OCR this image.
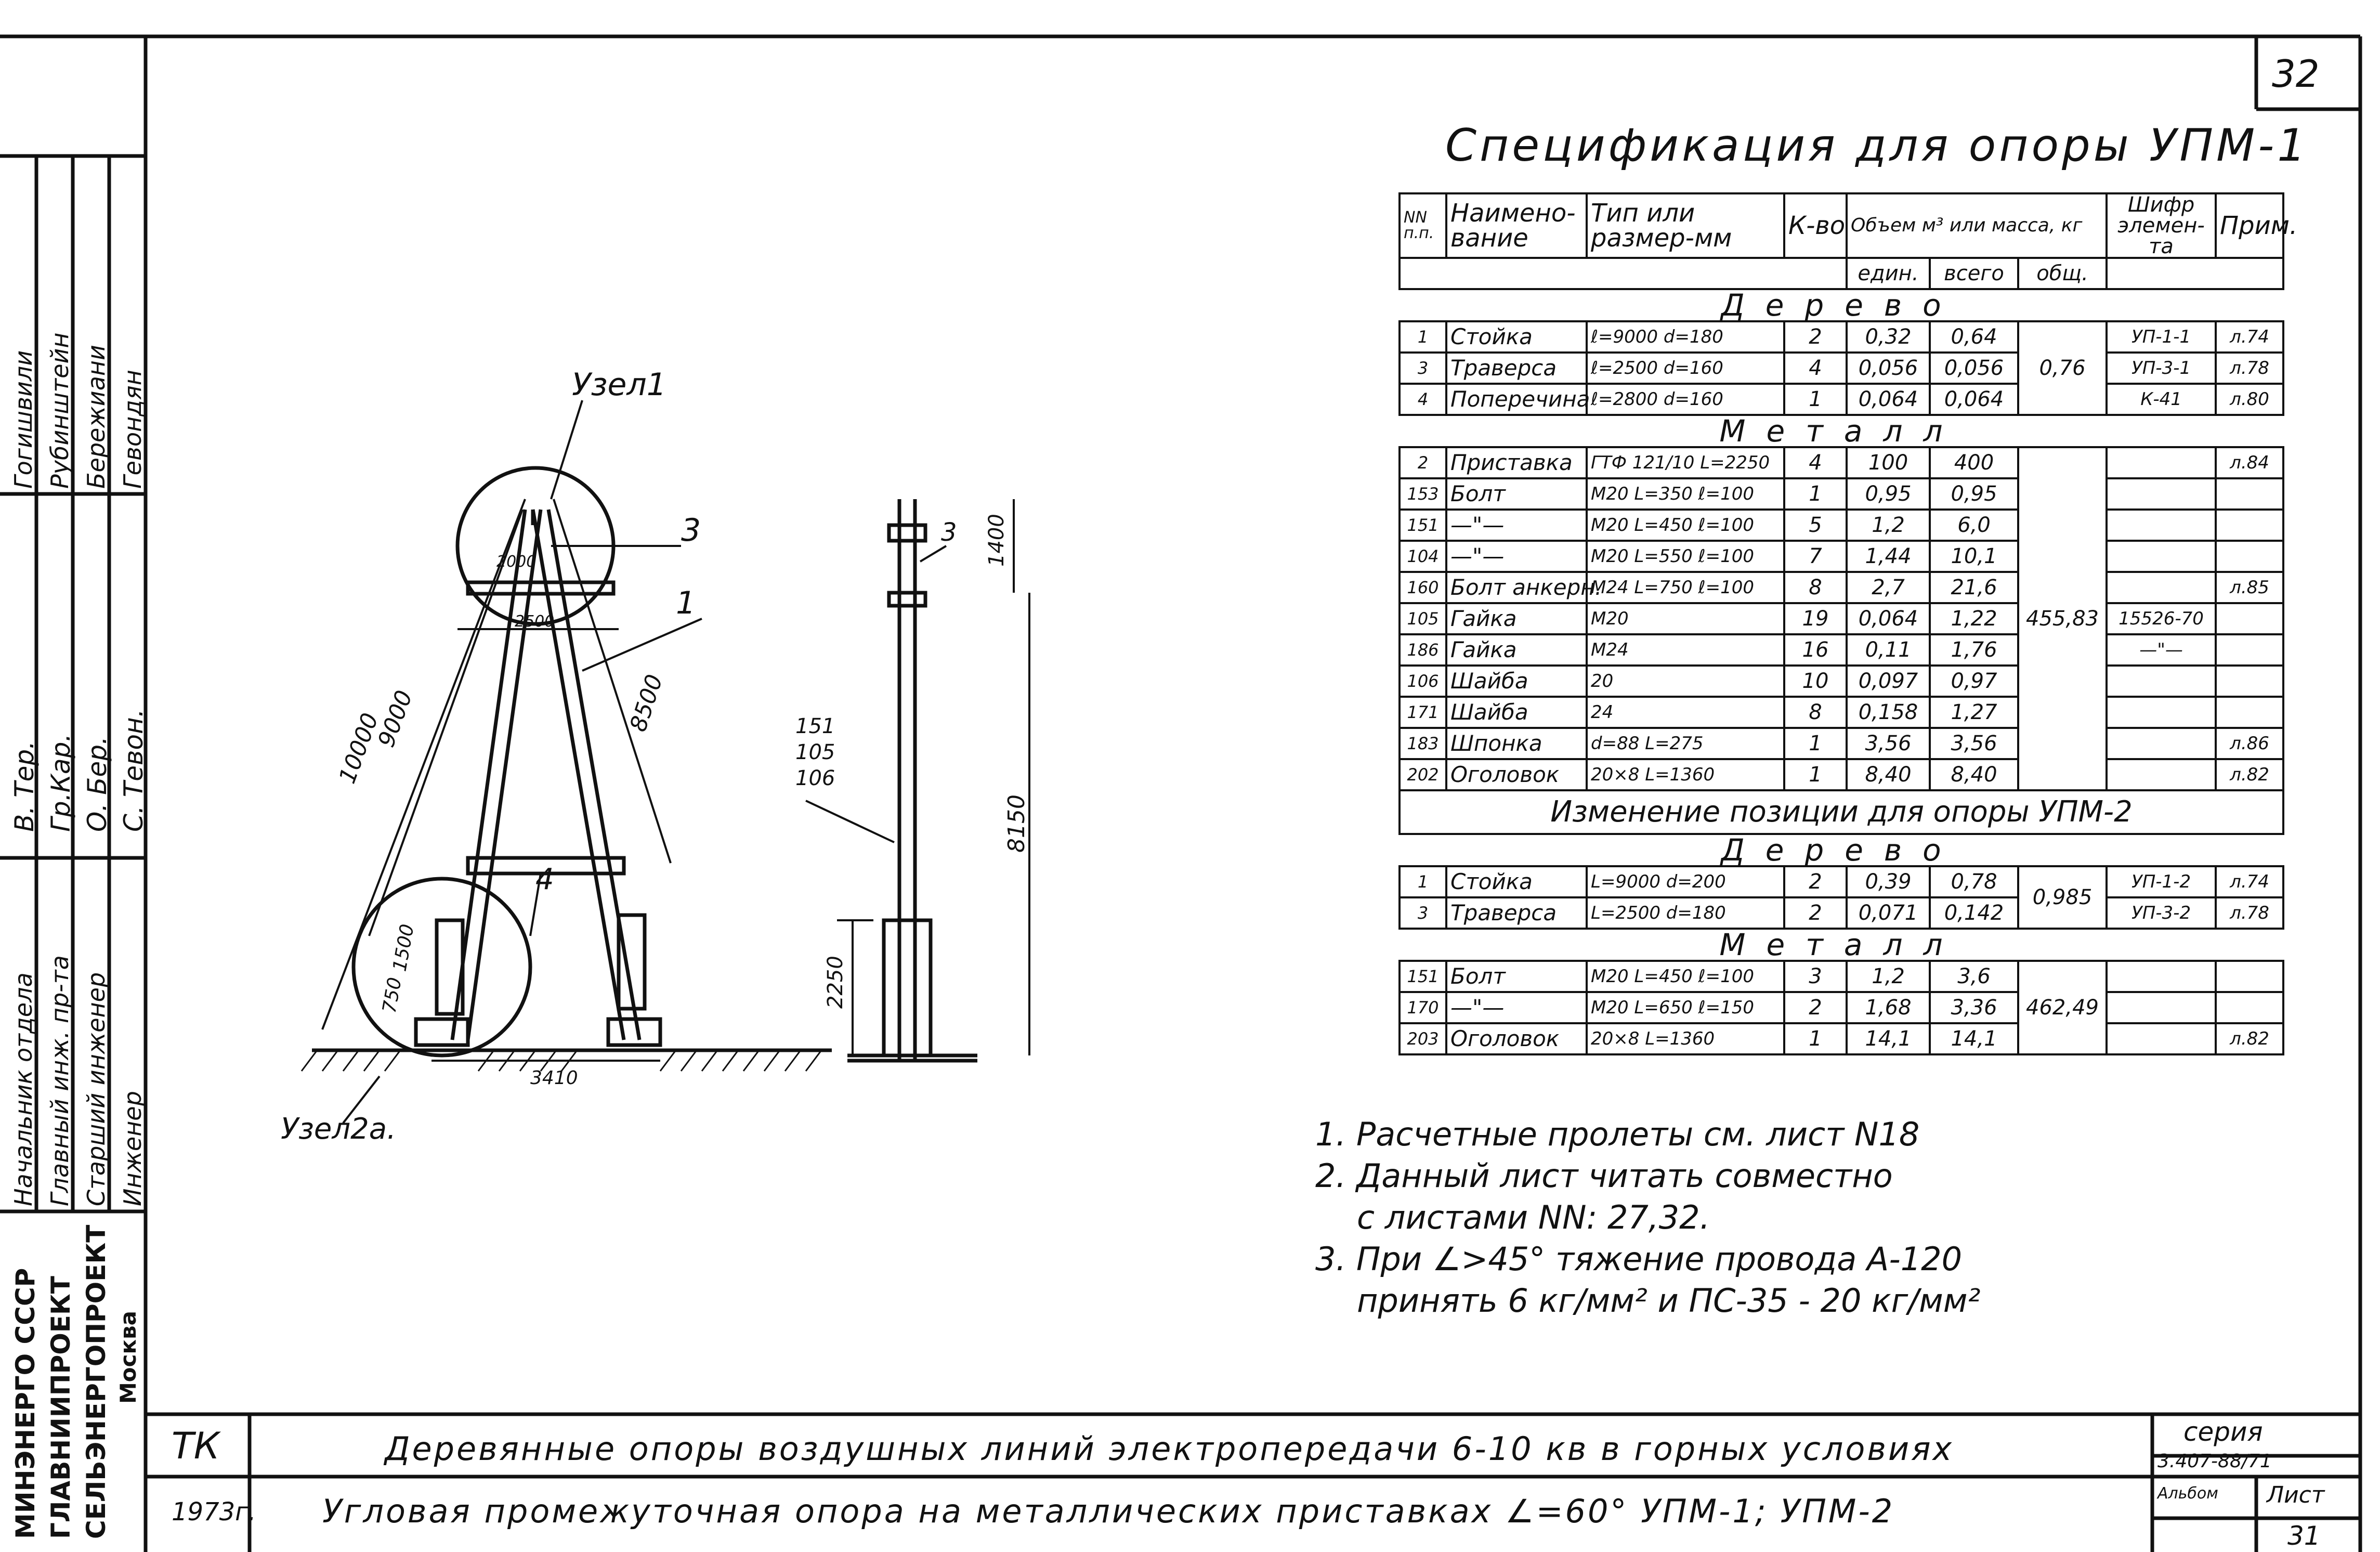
32
Начальник отдела Главный инж. пр-та Старший инженер Инженер
В. Тер. Гр.Кар. О. Бер. С. Тевон.
Гогишвили Рубинштейн Бережиани Гевондян
МИНЭНЕРГО СССР ГЛАВНИИПРОЕКТ СЕЛЬЭНЕРГОПРОЕКТ Москва
Спецификация для опоры УПМ-1
NN п.п.	Наимено-вание	Тип или размер-мм	К-во	Объем м³ или масса, кг			Шифр элемен-та	Прим.
				един.	всего	общ.		
Дерево								
1	Стойка	ℓ=9000 d=180	2	0,32	0,64	0,76	УП-1-1	л.74
3	Траверса	ℓ=2500 d=160	4	0,056	0,056		УП-3-1	л.78
4	Поперечина	ℓ=2800 d=160	1	0,064	0,064		К-41	л.80
Металл								
2	Приставка	ГТФ 121/10 L=2250	4	100	400	455,83		л.84
153	Болт	М20 L=350 ℓ=100	1	0,95	0,95			
151	—"—	М20 L=450 ℓ=100	5	1,2	6,0			
104	—"—	М20 L=550 ℓ=100	7	1,44	10,1			
160	Болт анкерн.	М24 L=750 ℓ=100	8	2,7	21,6			л.85
105	Гайка	М20	19	0,064	1,22		15526-70	
186	Гайка	М24	16	0,11	1,76		—"—	
106	Шайба	20	10	0,097	0,97			
171	Шайба	24	8	0,158	1,27			
183	Шпонка	d=88 L=275	1	3,56	3,56			л.86
202	Оголовок	20×8 L=1360	1	8,40	8,40			л.82
Изменение позиции для опоры УПМ-2								
Дерево								
1	Стойка	L=9000 d=200	2	0,39	0,78	0,985	УП-1-2	л.74
3	Траверса	L=2500 d=180	2	0,071	0,142		УП-3-2	л.78
Металл								
151	Болт	М20 L=450 ℓ=100	3	1,2	3,6	462,49		
170	—"—	М20 L=650 ℓ=150	2	1,68	3,36			
203	Оголовок	20×8 L=1360	1	14,1	14,1			л.82
1. Расчетные пролеты см. лист N18
2. Данный лист читать совместно
с листами NN: 27,32.
3. При ∠>45° тяжение провода А-120
принять 6 кг/мм² и ПС-35 - 20 кг/мм²
Узел1
Узел2а.
3
1
4
10000
9000	8500
2000
2500
1500
750
3410
3 1400
8150
2250
151
105
106
ТК
1973г.
Деревянные опоры воздушных линий электропередачи 6-10 кв в горных условиях
Угловая промежуточная опора на металлических приставках ∠=60° УПМ-1; УПМ-2
серия
3.407-88/71
Альбом Лист
31
